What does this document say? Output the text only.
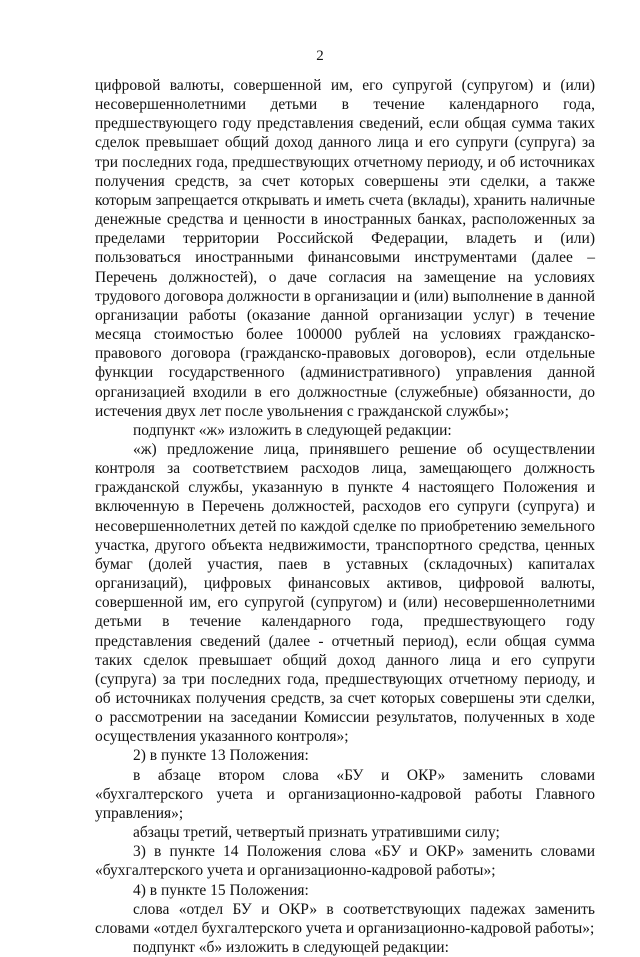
2

цифровой валюты, совершенной им, его супругой (супругом) и (или) несовершеннолетними детьми в течение календарного года, предшествующего году представления сведений, если общая сумма таких сделок превышает общий доход данного лица и его супруги (супруга) за три последних года, предшествующих отчетному периоду, и об источниках получения средств, за счет которых совершены эти сделки, а также которым запрещается открывать и иметь счета (вклады), хранить наличные денежные средства и ценности в иностранных банках, расположенных за пределами территории Российской Федерации, владеть и (или) пользоваться иностранными финансовыми инструментами (далее – Перечень должностей), о даче согласия на замещение на условиях трудового договора должности в организации и (или) выполнение в данной организации работы (оказание данной организации услуг) в течение месяца стоимостью более 100000 рублей на условиях гражданско-правового договора (гражданско-правовых договоров), если отдельные функции государственного (административного) управления данной организацией входили в его должностные (служебные) обязанности, до истечения двух лет после увольнения с гражданской службы»;

подпункт «ж» изложить в следующей редакции:

«ж) предложение лица, принявшего решение об осуществлении контроля за соответствием расходов лица, замещающего должность гражданской службы, указанную в пункте 4 настоящего Положения и включенную в Перечень должностей, расходов его супруги (супруга) и несовершеннолетних детей по каждой сделке по приобретению земельного участка, другого объекта недвижимости, транспортного средства, ценных бумаг (долей участия, паев в уставных (складочных) капиталах организаций), цифровых финансовых активов, цифровой валюты, совершенной им, его супругой (супругом) и (или) несовершеннолетними детьми в течение календарного года, предшествующего году представления сведений (далее - отчетный период), если общая сумма таких сделок превышает общий доход данного лица и его супруги (супруга) за три последних года, предшествующих отчетному периоду, и об источниках получения средств, за счет которых совершены эти сделки, о рассмотрении на заседании Комиссии результатов, полученных в ходе осуществления указанного контроля»;

2) в пункте 13 Положения:

в абзаце втором слова «БУ и ОКР» заменить словами «бухгалтерского учета и организационно-кадровой работы Главного управления»;

абзацы третий, четвертый признать утратившими силу;

3) в пункте 14 Положения слова «БУ и ОКР» заменить словами «бухгалтерского учета и организационно-кадровой работы»;

4) в пункте 15 Положения:

слова «отдел БУ и ОКР» в соответствующих падежах заменить словами «отдел бухгалтерского учета и организационно-кадровой работы»;

подпункт «б» изложить в следующей редакции:
